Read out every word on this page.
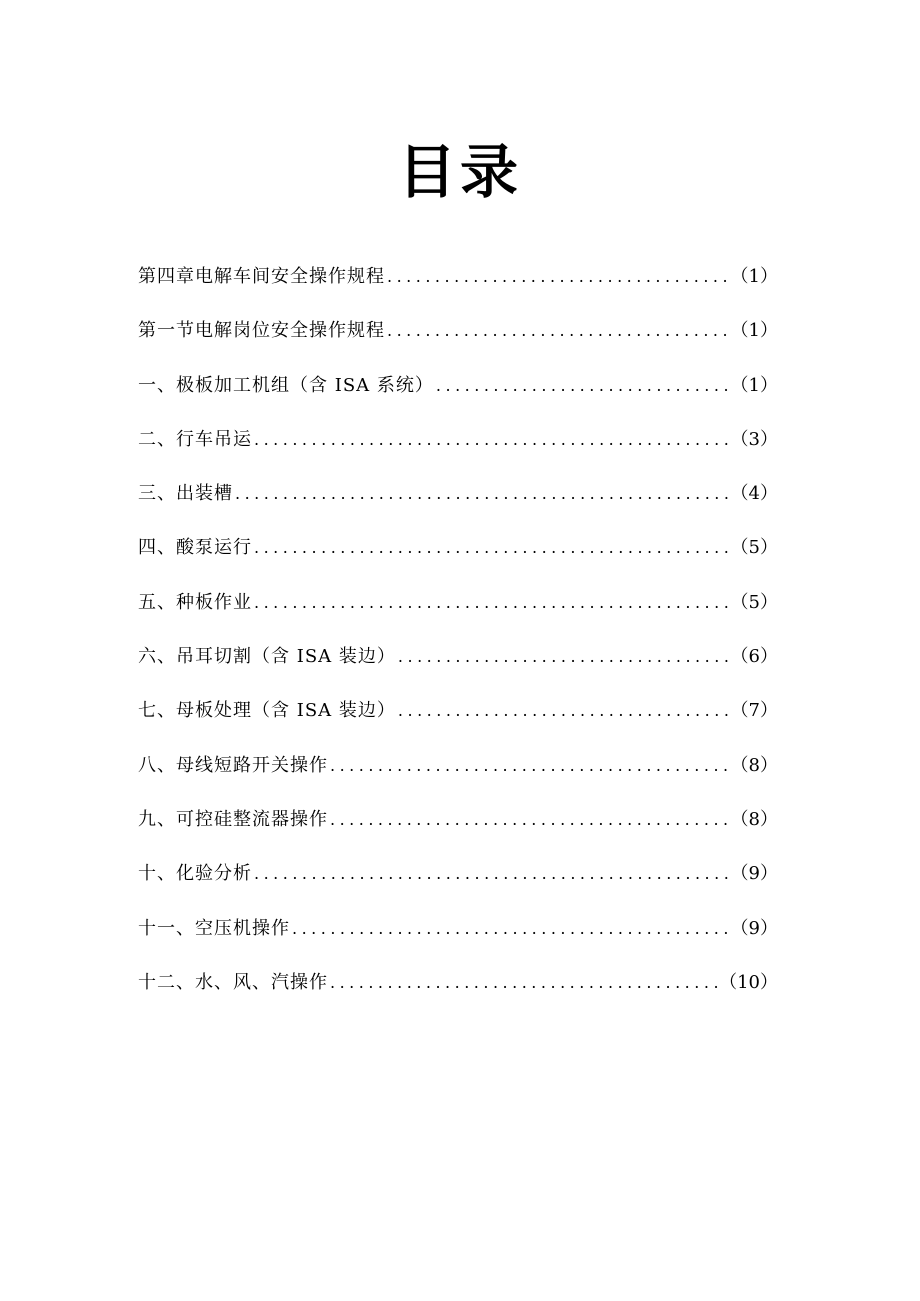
目录
第四章电解车间安全操作规程 .....	（1）
第一节电解岗位安全操作规程 .....	（1）
一、极板加工机组（含 ISA 系统） .....	（1）
二、行车吊运 .....	（3）
三、出装槽 .....	（4）
四、酸泵运行 .....	（5）
五、种板作业 .....	（5）
六、吊耳切割（含 ISA 装边） .....	（6）
七、母板处理（含 ISA 装边） .....	（7）
八、母线短路开关操作 .....	（8）
九、可控硅整流器操作 .....	（8）
十、化验分析 .....	（9）
十一、空压机操作 .....	（9）
十二、水、风、汽操作 .....	（10）
